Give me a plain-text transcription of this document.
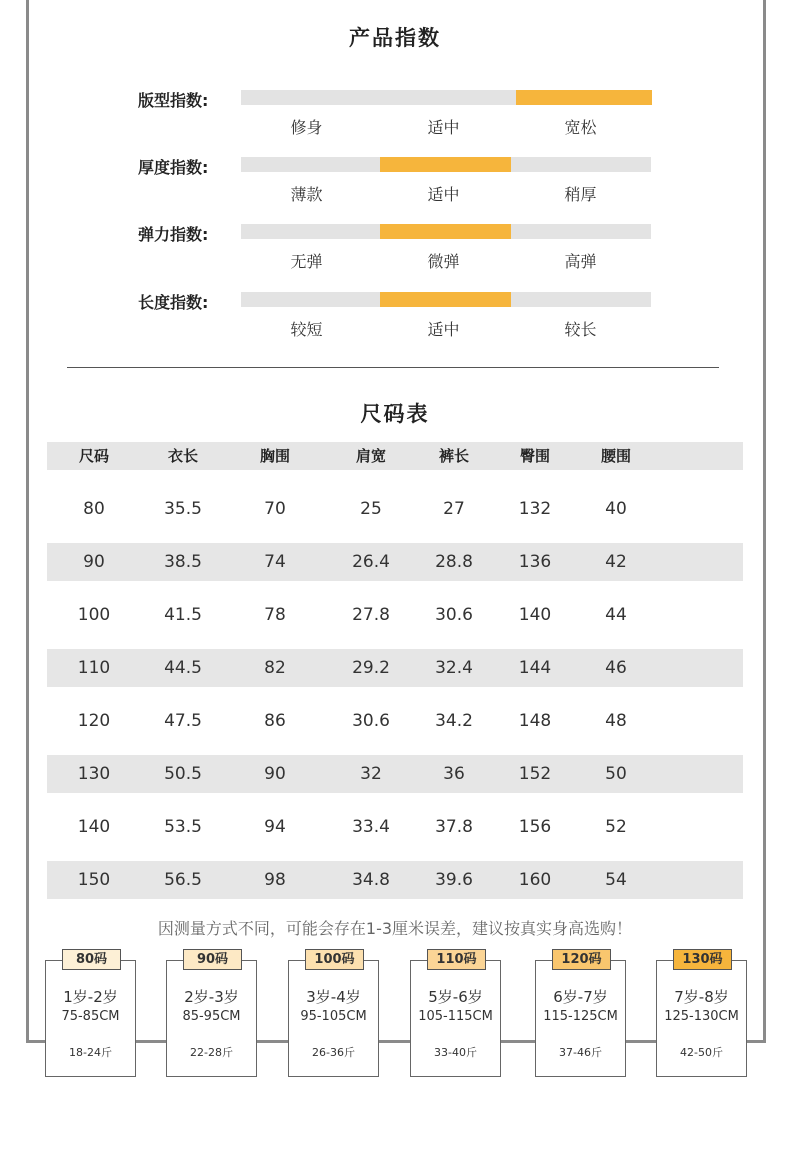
产品指数
版型指数:
修身	适中	宽松
厚度指数:
薄款	适中	稍厚
弹力指数:
无弹	微弹	高弹
长度指数:
较短	适中	较长
尺码表
尺码	衣长	胸围	肩宽	裤长	臀围	腰围
80	35.5	70	25	27	132	40
90	38.5	74	26.4	28.8	136	42
100	41.5	78	27.8	30.6	140	44
110	44.5	82	29.2	32.4	144	46
120	47.5	86	30.6	34.2	148	48
130	50.5	90	32	36	152	50
140	53.5	94	33.4	37.8	156	52
150	56.5	98	34.8	39.6	160	54
因测量方式不同，可能会存在1-3厘米误差，建议按真实身高选购！
80码
1岁-2岁
75-85CM
18-24斤
90码
2岁-3岁
85-95CM
22-28斤
100码
3岁-4岁
95-105CM
26-36斤
110码
5岁-6岁
105-115CM
33-40斤
120码
6岁-7岁
115-125CM
37-46斤
130码
7岁-8岁
125-130CM
42-50斤
